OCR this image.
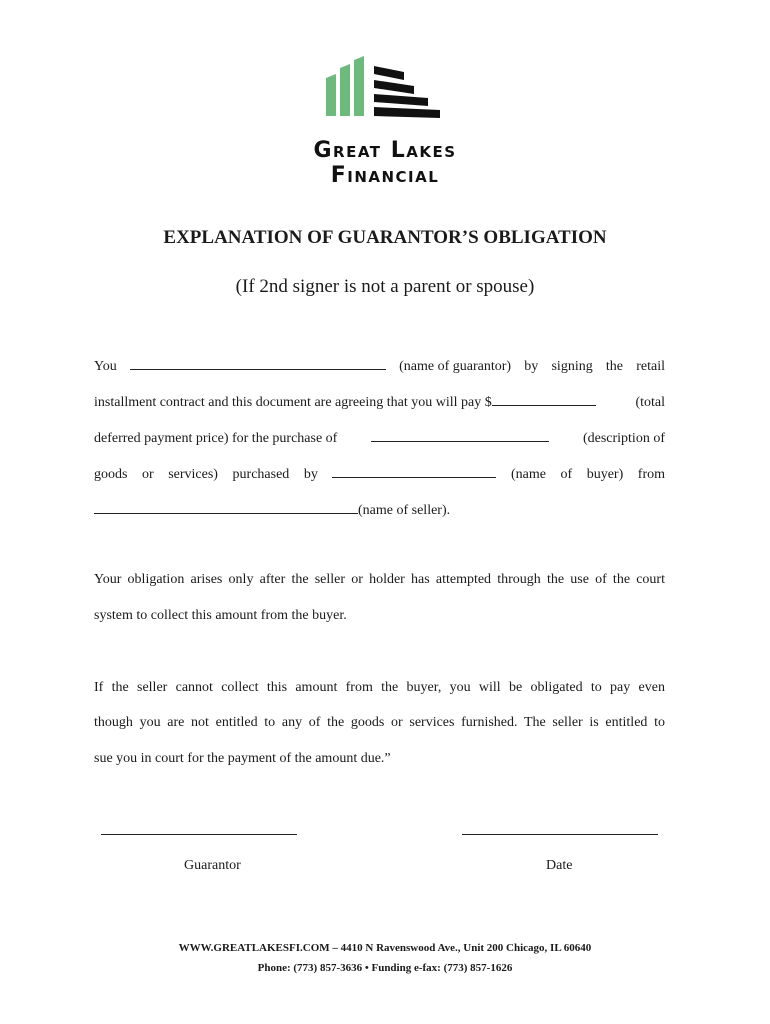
Great Lakes
Financial
EXPLANATION OF GUARANTOR’S OBLIGATION
(If 2nd signer is not a parent or spouse)
You	(name of guarantor) by signing the retail
installment contract and this document are agreeing that you will pay $	(total
deferred payment price) for the purchase of	(description of
goods or services) purchased by	(name of buyer) from
(name of seller).
Your obligation arises only after the seller or holder has attempted through the use of the court
system to collect this amount from the buyer.
If the seller cannot collect this amount from the buyer, you will be obligated to pay even
though you are not entitled to any of the goods or services furnished. The seller is entitled to
sue you in court for the payment of the amount due.”
Guarantor	Date
WWW.GREATLAKESFI.COM – 4410 N Ravenswood Ave., Unit 200 Chicago, IL 60640
Phone: (773) 857-3636 • Funding e-fax: (773) 857-1626
